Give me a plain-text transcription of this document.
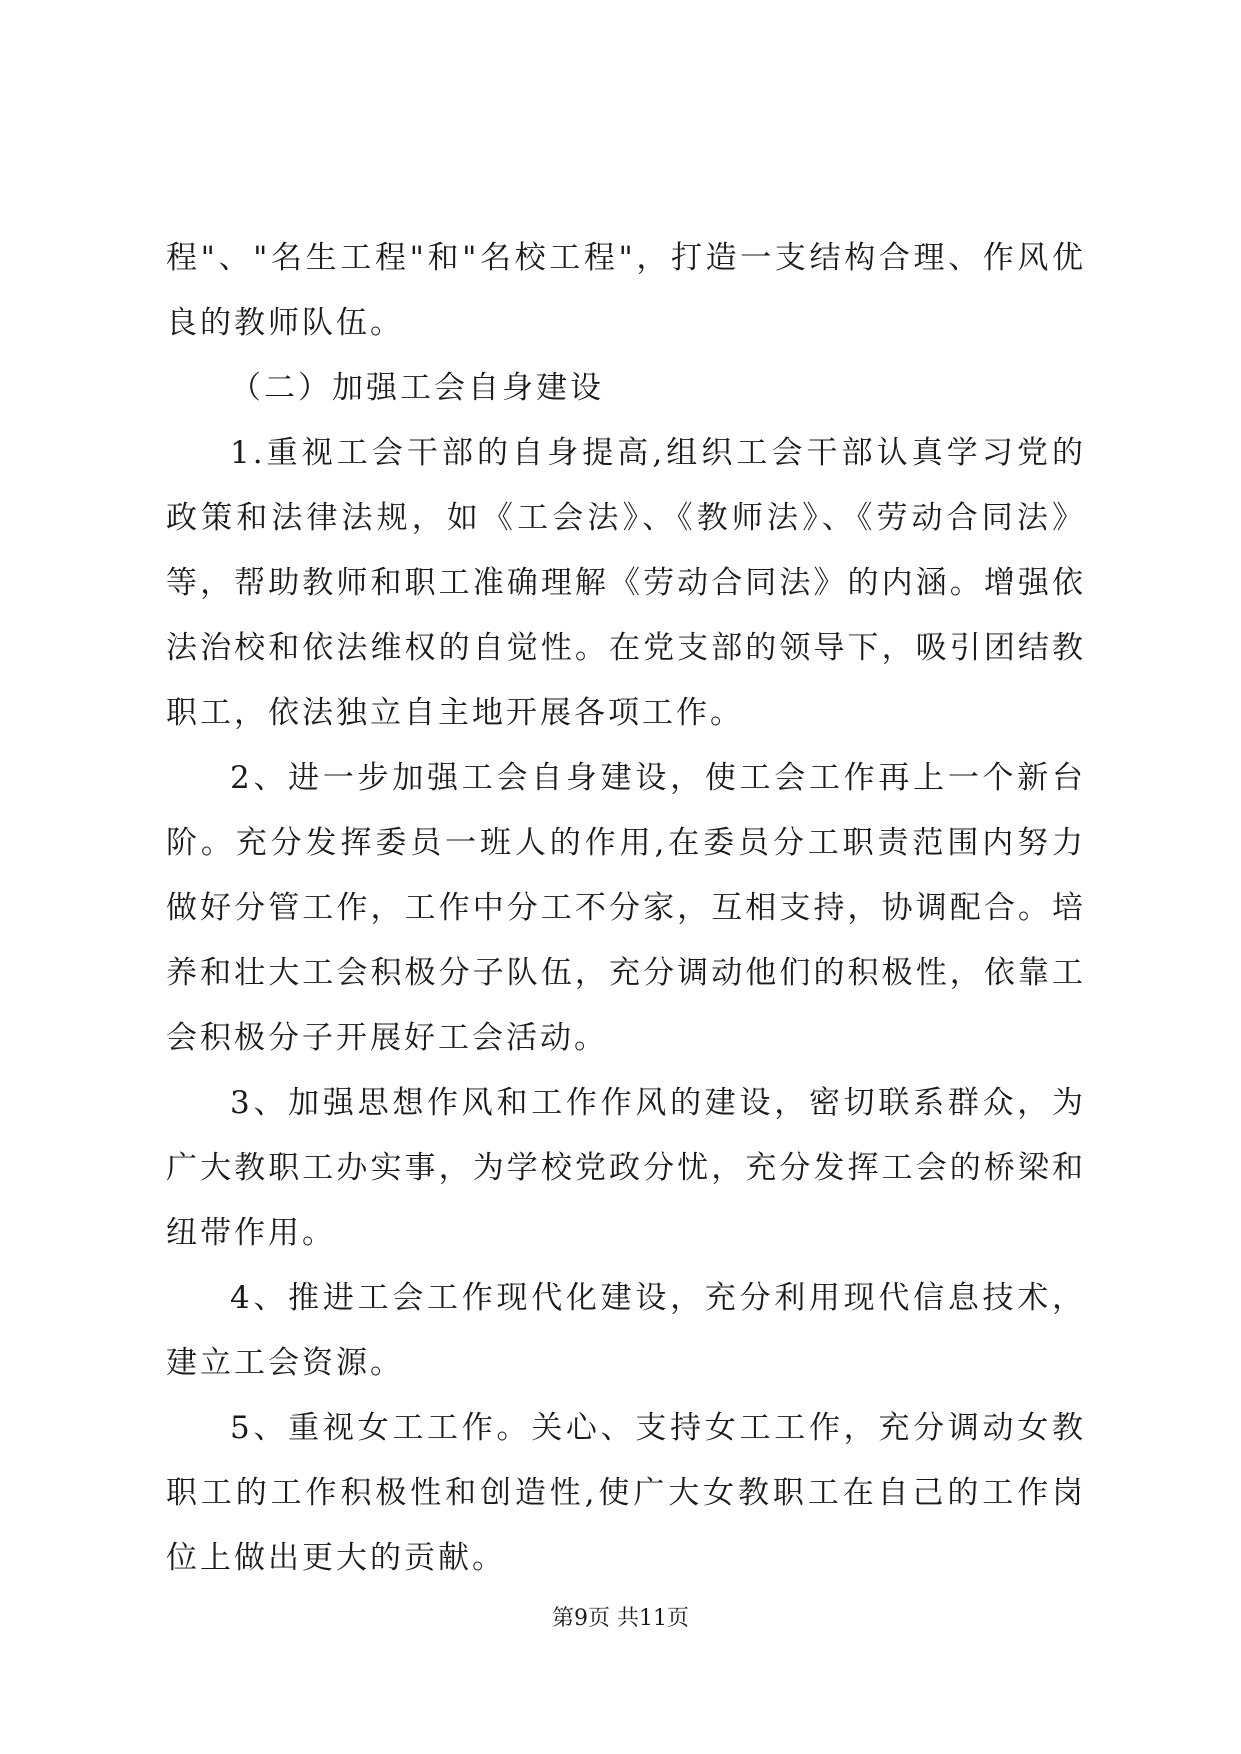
程"、"名生工程"和"名校工程"，打造一支结构合理、作风优良的教师队伍。

（二）加强工会自身建设

1.重视工会干部的自身提高,组织工会干部认真学习党的政策和法律法规，如《工会法》、《教师法》、《劳动合同法》等，帮助教师和职工准确理解《劳动合同法》的内涵。增强依法治校和依法维权的自觉性。在党支部的领导下，吸引团结教职工，依法独立自主地开展各项工作。

2、进一步加强工会自身建设，使工会工作再上一个新台阶。充分发挥委员一班人的作用,在委员分工职责范围内努力做好分管工作，工作中分工不分家，互相支持，协调配合。培养和壮大工会积极分子队伍，充分调动他们的积极性，依靠工会积极分子开展好工会活动。

3、加强思想作风和工作作风的建设，密切联系群众，为广大教职工办实事，为学校党政分忧，充分发挥工会的桥梁和纽带作用。

4、推进工会工作现代化建设，充分利用现代信息技术，建立工会资源。

5、重视女工工作。关心、支持女工工作，充分调动女教职工的工作积极性和创造性,使广大女教职工在自己的工作岗位上做出更大的贡献。

第9页 共11页
